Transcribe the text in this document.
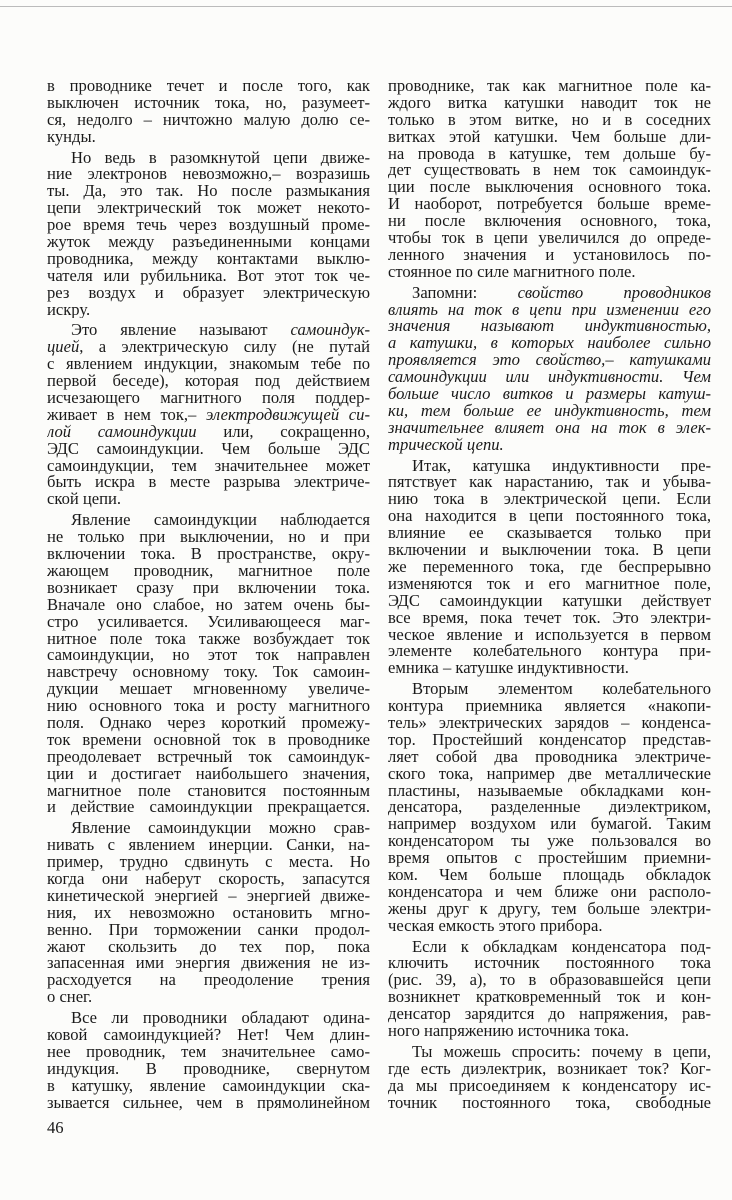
в проводнике течет и после того, как
выключен источник тока, но, разумеет-
ся, недолго – ничтожно малую долю се-
кунды.
Но ведь в разомкнутой цепи движе-
ние электронов невозможно,– возразишь
ты. Да, это так. Но после размыкания
цепи электрический ток может некото-
рое время течь через воздушный проме-
жуток между разъединенными концами
проводника, между контактами выклю-
чателя или рубильника. Вот этот ток че-
рез воздух и образует электрическую
искру.
Это явление называют самоиндук-
цией, а электрическую силу (не путай
с явлением индукции, знакомым тебе по
первой беседе), которая под действием
исчезающего магнитного поля поддер-
живает в нем ток,– электродвижущей си-
лой самоиндукции или, сокращенно,
ЭДС самоиндукции. Чем больше ЭДС
самоиндукции, тем значительнее может
быть искра в месте разрыва электриче-
ской цепи.
Явление самоиндукции наблюдается
не только при выключении, но и при
включении тока. В пространстве, окру-
жающем проводник, магнитное поле
возникает сразу при включении тока.
Вначале оно слабое, но затем очень бы-
стро усиливается. Усиливающееся маг-
нитное поле тока также возбуждает ток
самоиндукции, но этот ток направлен
навстречу основному току. Ток самоин-
дукции мешает мгновенному увеличе-
нию основного тока и росту магнитного
поля. Однако через короткий промежу-
ток времени основной ток в проводнике
преодолевает встречный ток самоиндук-
ции и достигает наибольшего значения,
магнитное поле становится постоянным
и действие самоиндукции прекращается.
Явление самоиндукции можно срав-
нивать с явлением инерции. Санки, на-
пример, трудно сдвинуть с места. Но
когда они наберут скорость, запасутся
кинетической энергией – энергией движе-
ния, их невозможно остановить мгно-
венно. При торможении санки продол-
жают скользить до тех пор, пока
запасенная ими энергия движения не из-
расходуется на преодоление трения
о снег.
Все ли проводники обладают одина-
ковой самоиндукцией? Нет! Чем длин-
нее проводник, тем значительнее само-
индукция. В проводнике, свернутом
в катушку, явление самоиндукции ска-
зывается сильнее, чем в прямолинейном
проводнике, так как магнитное поле ка-
ждого витка катушки наводит ток не
только в этом витке, но и в соседних
витках этой катушки. Чем больше дли-
на провода в катушке, тем дольше бу-
дет существовать в нем ток самоиндук-
ции после выключения основного тока.
И наоборот, потребуется больше време-
ни после включения основного, тока,
чтобы ток в цепи увеличился до опреде-
ленного значения и установилось по-
стоянное по силе магнитного поле.
Запомни: свойство проводников
влиять на ток в цепи при изменении его
значения называют индуктивностью,
а катушки, в которых наиболее сильно
проявляется это свойство,– катушками
самоиндукции или индуктивности. Чем
больше число витков и размеры катуш-
ки, тем больше ее индуктивность, тем
значительнее влияет она на ток в элек-
трической цепи.
Итак, катушка индуктивности пре-
пятствует как нарастанию, так и убыва-
нию тока в электрической цепи. Если
она находится в цепи постоянного тока,
влияние ее сказывается только при
включении и выключении тока. В цепи
же переменного тока, где беспрерывно
изменяются ток и его магнитное поле,
ЭДС самоиндукции катушки действует
все время, пока течет ток. Это электри-
ческое явление и используется в первом
элементе колебательного контура при-
емника – катушке индуктивности.
Вторым элементом колебательного
контура приемника является «накопи-
тель» электрических зарядов – конденса-
тор. Простейший конденсатор представ-
ляет собой два проводника электриче-
ского тока, например две металлические
пластины, называемые обкладками кон-
денсатора, разделенные диэлектриком,
например воздухом или бумагой. Таким
конденсатором ты уже пользовался во
время опытов с простейшим приемни-
ком. Чем больше площадь обкладок
конденсатора и чем ближе они располо-
жены друг к другу, тем больше электри-
ческая емкость этого прибора.
Если к обкладкам конденсатора под-
ключить источник постоянного тока
(рис. 39, а), то в образовавшейся цепи
возникнет кратковременный ток и кон-
денсатор зарядится до напряжения, рав-
ного напряжению источника тока.
Ты можешь спросить: почему в цепи,
где есть диэлектрик, возникает ток? Ког-
да мы присоединяем к конденсатору ис-
точник постоянного тока, свободные
46
